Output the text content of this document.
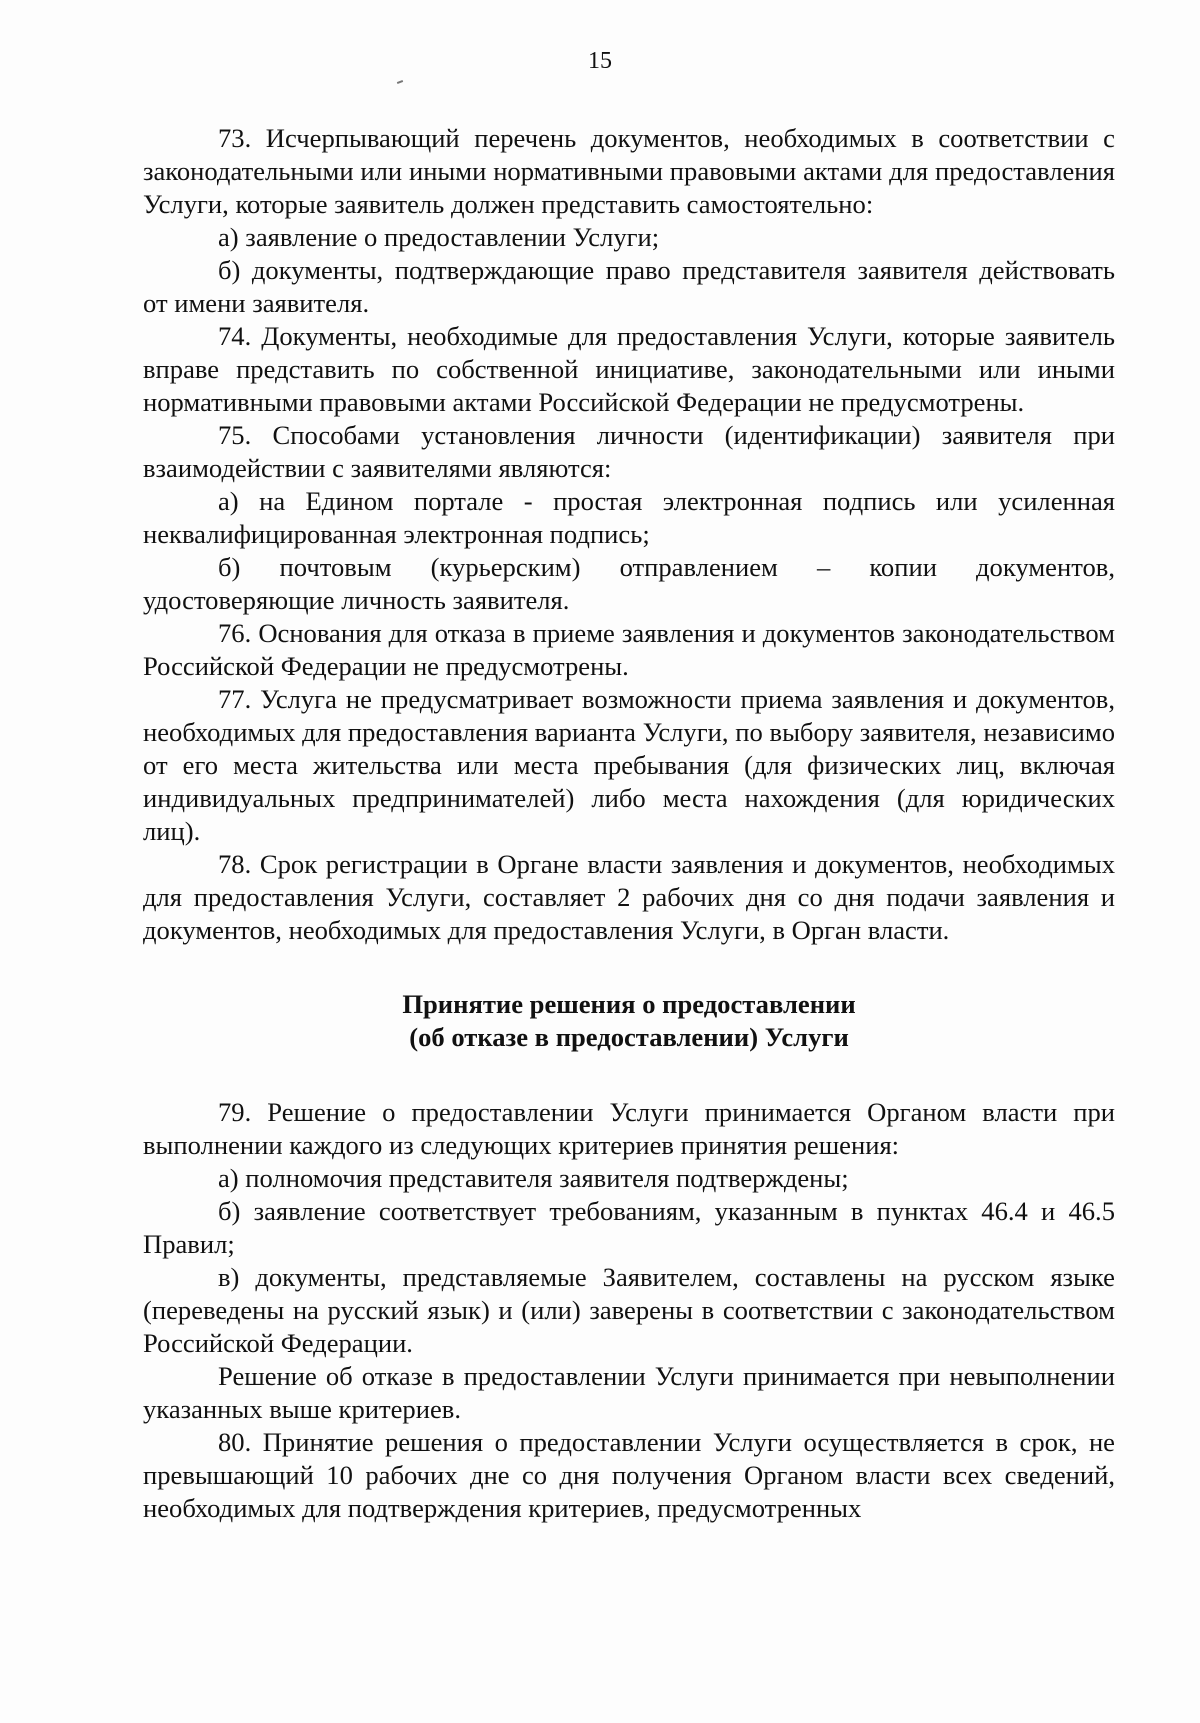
15

73. Исчерпывающий перечень документов, необходимых в соответствии с законодательными или иными нормативными правовыми актами для предоставления Услуги, которые заявитель должен представить самостоятельно:

а) заявление о предоставлении Услуги;

б) документы, подтверждающие право представителя заявителя действовать от имени заявителя.

74. Документы, необходимые для предоставления Услуги, которые заявитель вправе представить по собственной инициативе, законодательными или иными нормативными правовыми актами Российской Федерации не предусмотрены.

75. Способами установления личности (идентификации) заявителя при взаимодействии с заявителями являются:

а) на Едином портале - простая электронная подпись или усиленная неквалифицированная электронная подпись;

б) почтовым (курьерским) отправлением – копии документов, удостоверяющие личность заявителя.

76. Основания для отказа в приеме заявления и документов законодательством Российской Федерации не предусмотрены.

77. Услуга не предусматривает возможности приема заявления и документов, необходимых для предоставления варианта Услуги, по выбору заявителя, независимо от его места жительства или места пребывания (для физических лиц, включая индивидуальных предпринимателей) либо места нахождения (для юридических лиц).

78. Срок регистрации в Органе власти заявления и документов, необходимых для предоставления Услуги, составляет 2 рабочих дня со дня подачи заявления и документов, необходимых для предоставления Услуги, в Орган власти.

Принятие решения о предоставлении
(об отказе в предоставлении) Услуги

79. Решение о предоставлении Услуги принимается Органом власти при выполнении каждого из следующих критериев принятия решения:

а) полномочия представителя заявителя подтверждены;

б) заявление соответствует требованиям, указанным в пунктах 46.4 и 46.5 Правил;

в) документы, представляемые Заявителем, составлены на русском языке (переведены на русский язык) и (или) заверены в соответствии с законодательством Российской Федерации.

Решение об отказе в предоставлении Услуги принимается при невыполнении указанных выше критериев.

80. Принятие решения о предоставлении Услуги осуществляется в срок, не превышающий 10 рабочих дне со дня получения Органом власти всех сведений, необходимых для подтверждения критериев, предусмотренных
